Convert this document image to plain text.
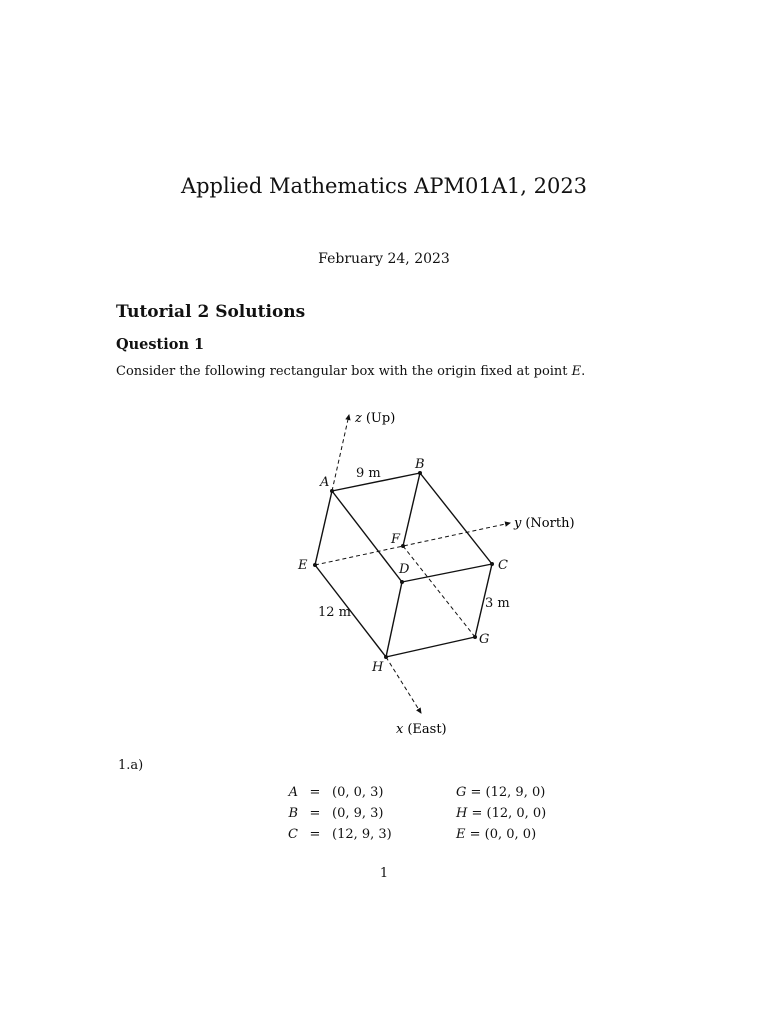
Applied Mathematics APM01A1, 2023
February 24, 2023
Tutorial 2 Solutions
Question 1
Consider the following rectangular box with the origin fixed at point E.
z (Up)
y (North)
x (East)
A
B
C
D
E
F
G
H
9 m
3 m
12 m
1.a)
A	=	(0, 0, 3)	G = (12, 9, 0)
B	=	(0, 9, 3)	H = (12, 0, 0)
C	=	(12, 9, 3)	E = (0, 0, 0)
1
